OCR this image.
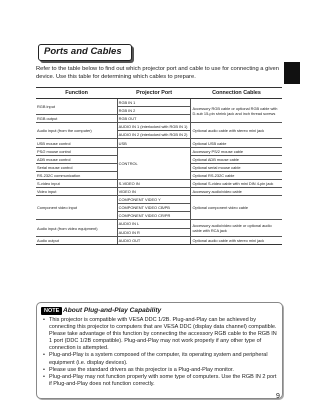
Ports and Cables
Refer to the table below to find out which projector port and cable to use for connecting a given device. Use this table for determining which cables to prepare.
Function	Projector Port	Connection Cables
RGB input	RGB IN 1	Accessory RGB cable or optional RGB cable with D-sub 15-pin shrink jack and inch thread screws
	RGB IN 2	
RGB output	RGB OUT	
Audio input (from the computer)	AUDIO IN 1 (interlocked with RGB IN 1)	Optional audio cable with stereo mini jack
	AUDIO IN 2 (interlocked with RGB IN 2)	
USB mouse control	USB	Optional USB cable
PS/2 mouse control	CONTROL	Accessory PS/2 mouse cable
ADB mouse control		Optional ADB mouse cable
Serial mouse control		Optional serial mouse cable
RS-232C communication		Optional RS-232C cable
S-video input	S-VIDEO IN	Optional S-video cable with mini DIN 4-pin jack
Video input	VIDEO IN	Accessory audio/video cable
Component video input	COMPONENT VIDEO Y	Optional component video cable
	COMPONENT VIDEO CB/PB	
	COMPONENT VIDEO CR/PR	
Audio input (from video equipment)	AUDIO IN L	Accessory audio/video cable or optional audio cable with RCA jack
	AUDIO IN R	
Audio output	AUDIO OUT	Optional audio cable with stereo mini jack
NOTE About Plug-and-Play Capability
• This projector is compatible with VESA DDC 1/2B. Plug-and-Play can be achieved by connecting this projector to computers that are VESA DDC (display data channel) compatible. Please take advantage of this function by connecting the accessory RGB cable to the RGB IN 1 port (DDC 1/2B compatible). Plug-and-Play may not work properly if any other type of connection is attempted.
• Plug-and-Play is a system composed of the computer, its operating system and peripheral equipment (i.e. display devices).
• Please use the standard drivers as this projector is a Plug-and-Play monitor.
• Plug-and-Play may not function properly with some type of computers. Use the RGB IN 2 port if Plug-and-Play does not function correctly.
9
